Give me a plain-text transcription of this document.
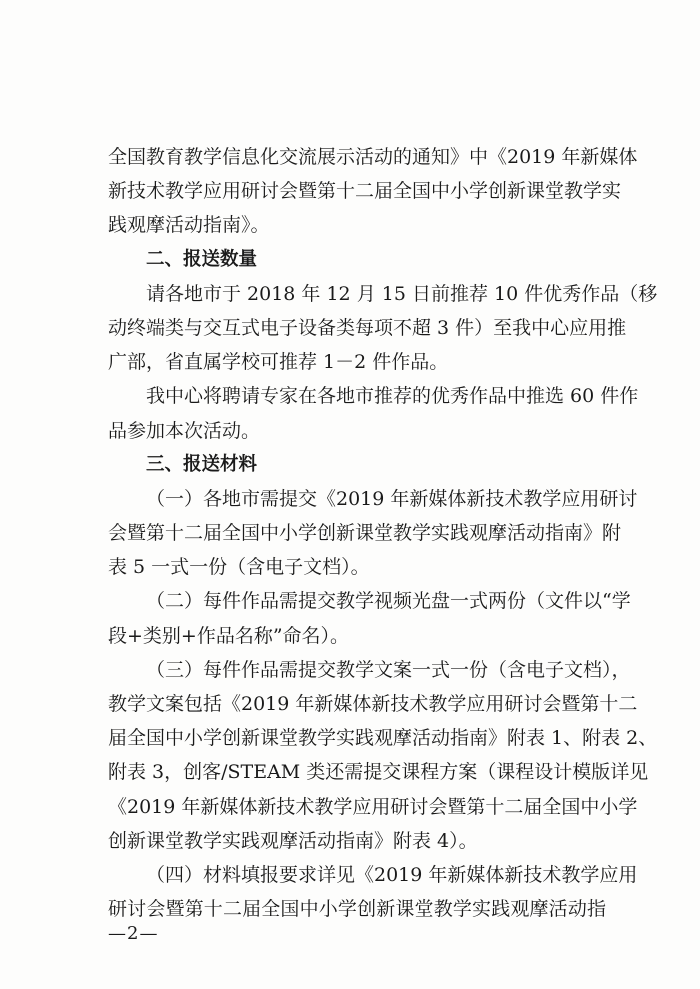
全国教育教学信息化交流展示活动的通知》中《2019 年新媒体
新技术教学应用研讨会暨第十二届全国中小学创新课堂教学实
践观摩活动指南》。
二、报送数量
请各地市于 2018 年 12 月 15 日前推荐 10 件优秀作品（移
动终端类与交互式电子设备类每项不超 3 件）至我中心应用推
广部，省直属学校可推荐 1－2 件作品。
我中心将聘请专家在各地市推荐的优秀作品中推选 60 件作
品参加本次活动。
三、报送材料
（一）各地市需提交《2019 年新媒体新技术教学应用研讨
会暨第十二届全国中小学创新课堂教学实践观摩活动指南》附
表 5 一式一份（含电子文档）。
（二）每件作品需提交教学视频光盘一式两份（文件以“学
段+类别+作品名称”命名）。
（三）每件作品需提交教学文案一式一份（含电子文档），
教学文案包括《2019 年新媒体新技术教学应用研讨会暨第十二
届全国中小学创新课堂教学实践观摩活动指南》附表 1、附表 2、
附表 3，创客/STEAM 类还需提交课程方案（课程设计模版详见
《2019 年新媒体新技术教学应用研讨会暨第十二届全国中小学
创新课堂教学实践观摩活动指南》附表 4）。
（四）材料填报要求详见《2019 年新媒体新技术教学应用
研讨会暨第十二届全国中小学创新课堂教学实践观摩活动指
—2—
